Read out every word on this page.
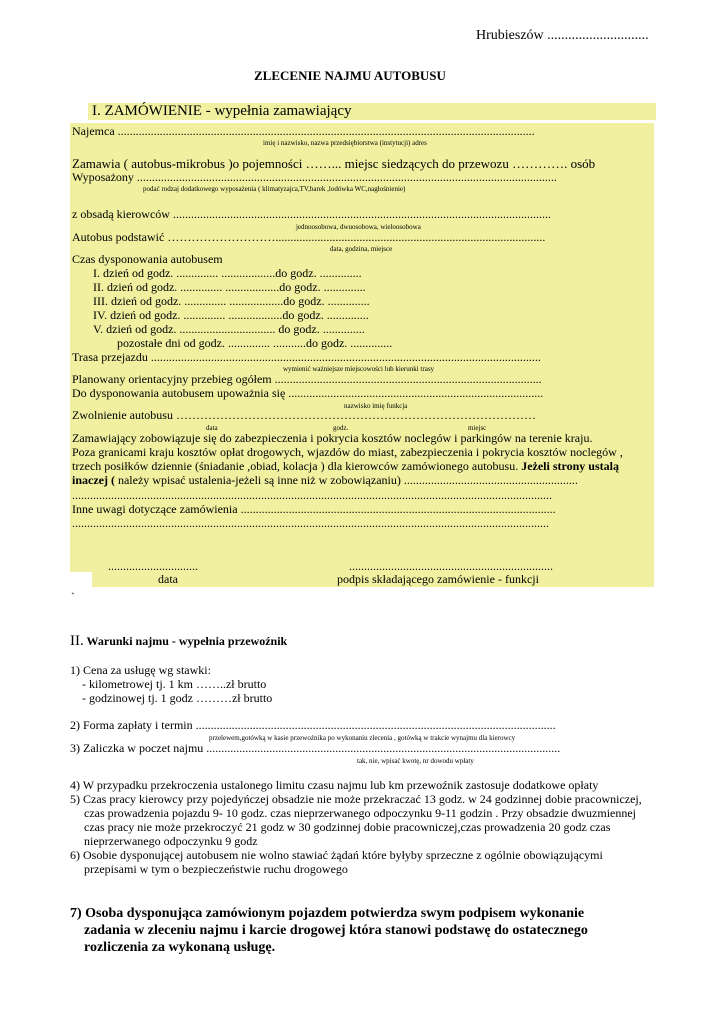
Hrubieszów .............................
ZLECENIE NAJMU AUTOBUSU
I. ZAMÓWIENIE - wypełnia zamawiający
Najemca ...........................................................................................................................................
imię i nazwisko, nazwa przedsiębiorstwa (instytucji) adres
Zamawia ( autobus-mikrobus )o pojemności ……... miejsc siedzących do przewozu …………. osób
Wyposażony ............................................................................................................................................
podać rodzaj dodatkowego wyposażenia ( klimatyzajca,TV,barek ,lodówka WC,nagłośnienie)
z obsadą kierowców ..............................................................................................................................
jednoosobowa, dwuosobowa, wieloosobowa
Autobus podstawić ………………………..........................................................................................
data, godzina, miejsce
Czas dysponowania autobusem
I. dzień od godz. .............. ..................do godz. ..............
II. dzień od godz. .............. ..................do godz. ..............
III. dzień od godz. .............. ..................do godz. ..............
IV. dzień od godz. .............. ..................do godz. ..............
V. dzień od godz. ................................ do godz. ..............
pozostałe dni od godz. .............. ...........do godz. ..............
Trasa przejazdu ..................................................................................................................................
wymienić ważniejsze miejscowości lub kierunki trasy
Planowany orientacyjny przebieg ogółem .........................................................................................
Do dysponowania autobusem upoważnia się .....................................................................................
nazwisko imię funkcja
Zwolnienie autobusu ………………………………………………………………………………
data	godz.	miejsc
Zamawiający zobowiązuje się do zabezpieczenia i pokrycia kosztów noclegów i parkingów na terenie kraju.
Poza granicami kraju kosztów opłat drogowych, wjazdów do miast, zabezpieczenia i pokrycia kosztów noclegów ,
trzech posiłków dziennie (śniadanie ,obiad, kolacja ) dla kierowców zamówionego autobusu. Jeżeli strony ustalą
inaczej ( należy wpisać ustalenia-jeżeli są inne niż w zobowiązaniu) ..........................................................
................................................................................................................................................................
Inne uwagi dotyczące zamówienia .........................................................................................................
...............................................................................................................................................................
..............................	....................................................................
data	podpis składającego zamówienie - funkcji
`
II. Warunki najmu - wypełnia przewoźnik
1) Cena za usługę wg stawki:
- kilometrowej tj. 1 km ……..zł brutto
- godzinowej tj. 1 godz ………zł brutto
2) Forma zapłaty i termin ........................................................................................................................
przelewem,gotówką w kasie przewoźnika po wykonaniu zlecenia , gotówką w trakcie wynajmu dla kierowcy
3) Zaliczka w poczet najmu ......................................................................................................................
tak, nie, wpisać kwotę, nr dowodu wpłaty
4) W przypadku przekroczenia ustalonego limitu czasu najmu lub km przewoźnik zastosuje dodatkowe opłaty
5) Czas pracy kierowcy przy pojedyńczej obsadzie nie może przekraczać 13 godz. w 24 godzinnej dobie pracowniczej,
czas prowadzenia pojazdu 9- 10 godz. czas nieprzerwanego odpoczynku 9-11 godzin . Przy obsadzie dwuzmiennej
czas pracy nie może przekroczyć 21 godz w 30 godzinnej dobie pracowniczej,czas prowadzenia 20 godz czas
nieprzerwanego odpoczynku 9 godz
6) Osobie dysponującej autobusem nie wolno stawiać żądań które byłyby sprzeczne z ogólnie obowiązującymi
przepisami w tym o bezpieczeństwie ruchu drogowego
7) Osoba dysponująca zamówionym pojazdem potwierdza swym podpisem wykonanie
zadania w zleceniu najmu i karcie drogowej która stanowi podstawę do ostatecznego
rozliczenia za wykonaną usługę.
